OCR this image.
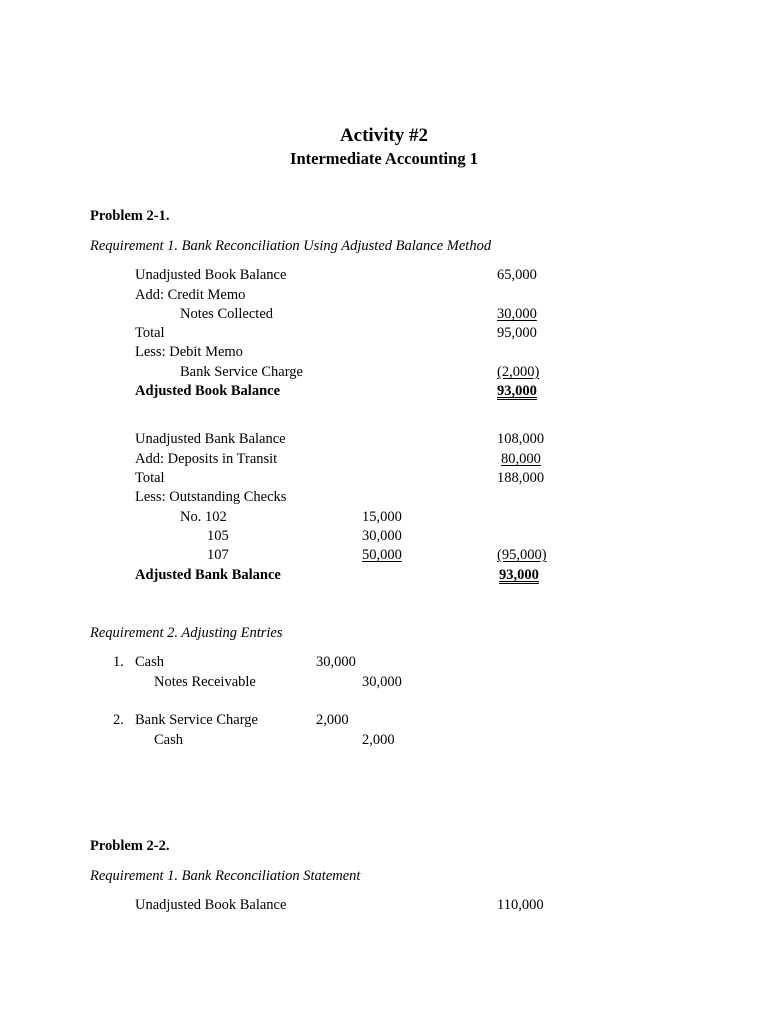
Activity #2
Intermediate Accounting 1
Problem 2-1.
Requirement 1. Bank Reconciliation Using Adjusted Balance Method
Unadjusted Book Balance	65,000
Add: Credit Memo
Notes Collected	30,000
Total	95,000
Less: Debit Memo
Bank Service Charge	(2,000)
Adjusted Book Balance	93,000
Unadjusted Bank Balance	108,000
Add: Deposits in Transit	80,000
Total	188,000
Less: Outstanding Checks
No. 102	15,000
105	30,000
107	50,000	(95,000)
Adjusted Bank Balance	93,000
Requirement 2. Adjusting Entries
1. Cash	30,000
Notes Receivable	30,000
2. Bank Service Charge	2,000
Cash	2,000
Problem 2-2.
Requirement 1. Bank Reconciliation Statement
Unadjusted Book Balance	110,000
